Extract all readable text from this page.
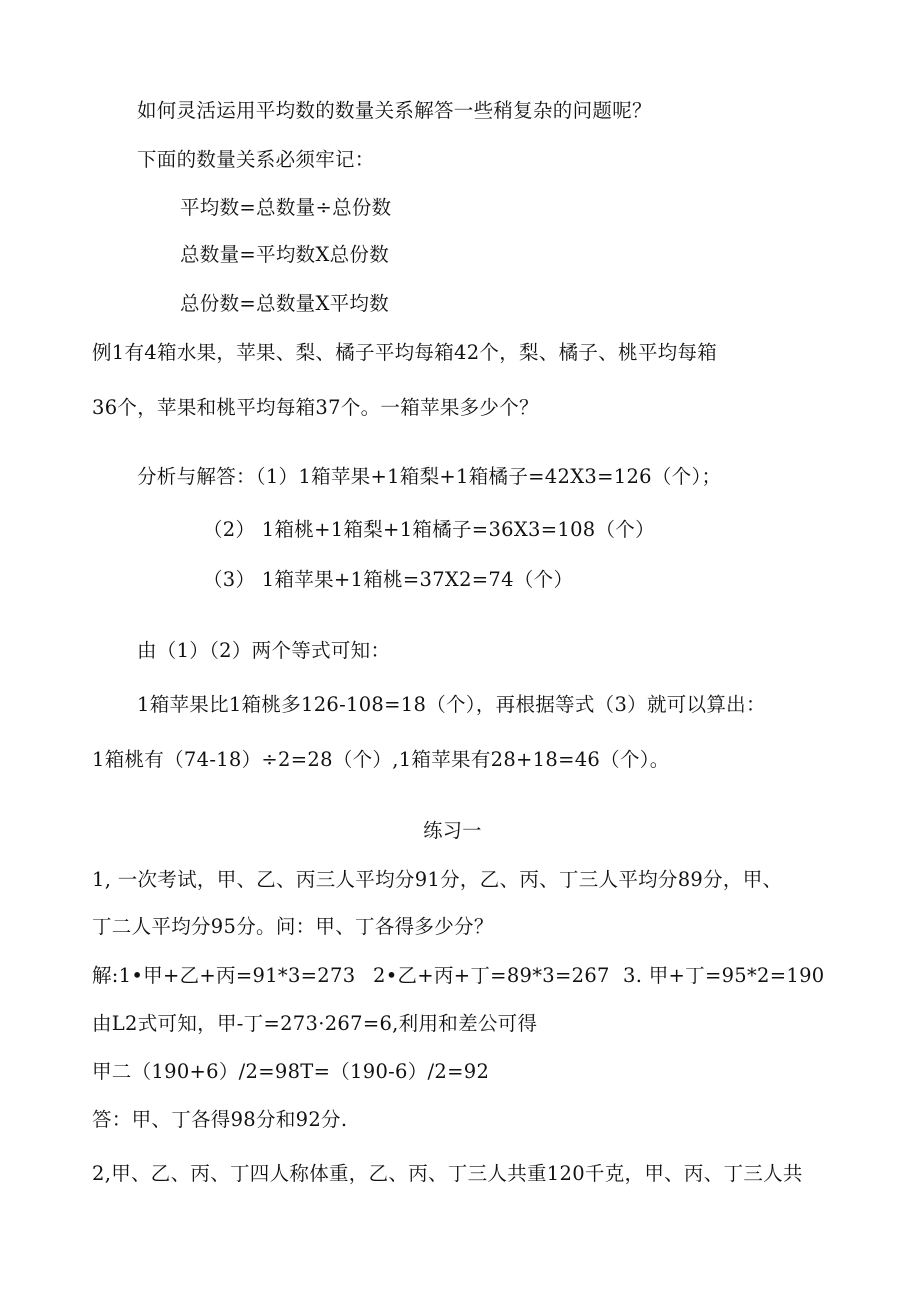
如何灵活运用平均数的数量关系解答一些稍复杂的问题呢？
下面的数量关系必须牢记：
平均数=总数量÷总份数
总数量=平均数X总份数
总份数=总数量X平均数
例1有4箱水果，苹果、梨、橘子平均每箱42个，梨、橘子、桃平均每箱
36个，苹果和桃平均每箱37个。一箱苹果多少个？
分析与解答：（1）1箱苹果+1箱梨+1箱橘子=42X3=126（个）；
（2） 1箱桃+1箱梨+1箱橘子=36X3=108（个）
（3） 1箱苹果+1箱桃=37X2=74（个）
由（1）（2）两个等式可知：
1箱苹果比1箱桃多126-108=18（个），再根据等式（3）就可以算出：
1箱桃有（74-18）÷2=28（个）,1箱苹果有28+18=46（个）。
练习一
1, 一次考试，甲、乙、丙三人平均分91分，乙、丙、丁三人平均分89分，甲、
丁二人平均分95分。问：甲、丁各得多少分？
解:1•甲+乙+丙=91*3=273 2•乙+丙+丁=89*3=267 3. 甲+丁=95*2=190
由L2式可知，甲-丁=273·267=6,利用和差公可得
甲二（190+6）/2=98T=（190-6）/2=92
答：甲、丁各得98分和92分.
2,甲、乙、丙、丁四人称体重，乙、丙、丁三人共重120千克，甲、丙、丁三人共
